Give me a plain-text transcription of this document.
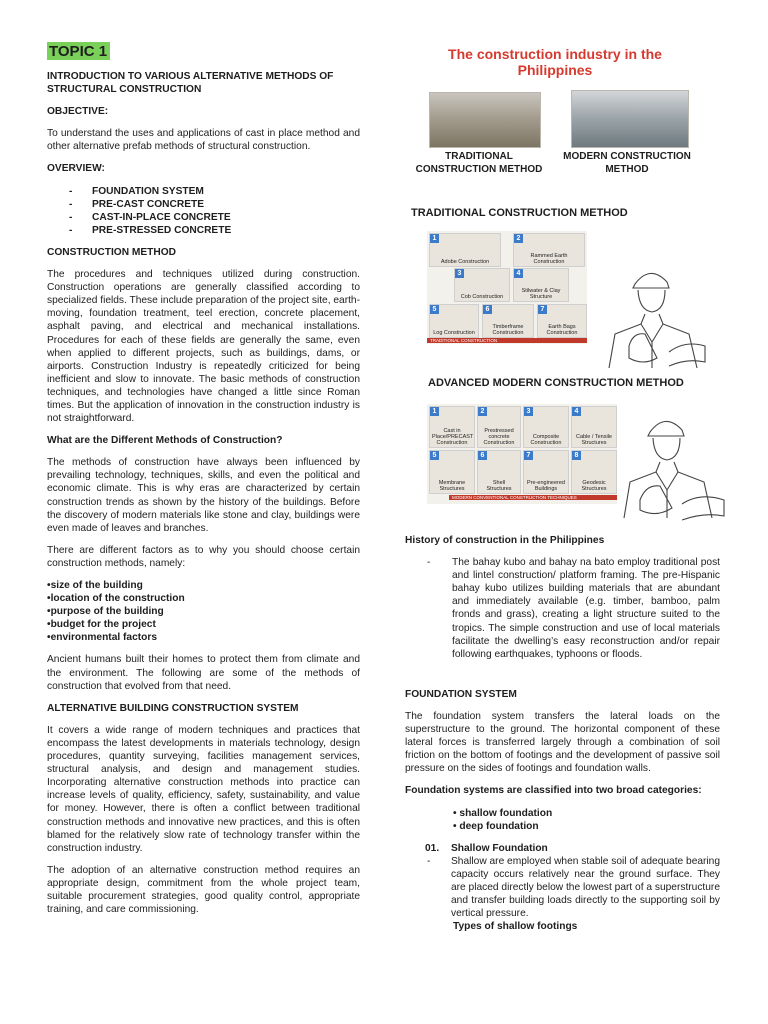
TOPIC 1
INTRODUCTION TO VARIOUS ALTERNATIVE METHODS OF STRUCTURAL CONSTRUCTION
OBJECTIVE:

To understand the uses and applications of cast in place method and other alternative prefab methods of structural construction.

OVERVIEW:
- FOUNDATION SYSTEM
- PRE-CAST CONCRETE
- CAST-IN-PLACE CONCRETE
- PRE-STRESSED CONCRETE
CONSTRUCTION METHOD

The procedures and techniques utilized during construction. Construction operations are generally classified according to specialized fields. These include preparation of the project site, earth-moving, foundation treatment, teel erection, concrete placement, asphalt paving, and electrical and mechanical installations. Procedures for each of these fields are generally the same, even when applied to different projects, such as buildings, dams, or airports. Construction Industry is repeatedly criticized for being inefficient and slow to innovate. The basic methods of construction techniques, and technologies have changed a little since Roman times. But the application of innovation in the construction industry is not straightforward.

What are the Different Methods of Construction?

The methods of construction have always been influenced by prevailing technology, techniques, skills, and even the political and economic climate. This is why eras are characterized by certain construction trends as shown by the history of the buildings. Before the discovery of modern materials like stone and clay, buildings were even made of leaves and branches.

There are different factors as to why you should choose certain construction methods, namely:

•size of the building
•location of the construction
•purpose of the building
•budget for the project
•environmental factors

Ancient humans built their homes to protect them from climate and the environment. The following are some of the methods of construction that evolved from that need.

ALTERNATIVE BUILDING CONSTRUCTION SYSTEM

It covers a wide range of modern techniques and practices that encompass the latest developments in materials technology, design procedures, quantity surveying, facilities management services, structural analysis, and design and management studies. Incorporating alternative construction methods into practice can increase levels of quality, efficiency, safety, sustainability, and value for money. However, there is often a conflict between traditional construction methods and innovative new practices, and this is often blamed for the relatively slow rate of technology transfer within the construction industry.

The adoption of an alternative construction method requires an appropriate design, commitment from the whole project team, suitable procurement strategies, good quality control, appropriate training, and care commissioning.

The construction industry in the Philippines
TRADITIONAL CONSTRUCTION METHOD
MODERN CONSTRUCTION METHOD
TRADITIONAL CONSTRUCTION METHOD
1
Adobe Construction
2
Rammed Earth Construction
3
Cob Construction
4
Stilwater & Clay Structure
5
Log Construction
6
Timberframe Construction
7
Earth Bags Construction
TRADITIONAL CONSTRUCTION
ADVANCED MODERN CONSTRUCTION METHOD
1
Cast in Place/PRECAST Construction
2
Prestressed concrete Construction
3
Composite Construction
4
Cable / Tensile Structures
5
Membrane Structures
6
Shell Structures
7
Pre-engineered Buildings
8
Geodesic Structures
MODERN CONVENTIONAL CONSTRUCTION TECHNIQUES
History of construction in the Philippines
- The bahay kubo and bahay na bato employ traditional post and lintel construction/ platform framing. The pre-Hispanic bahay kubo utilizes building materials that are abundant and immediately available (e.g. timber, bamboo, palm fronds and grass), creating a light structure suited to the tropics. The simple construction and use of local materials facilitate the dwelling’s easy reconstruction and/or repair following earthquakes, typhoons or floods.
FOUNDATION SYSTEM

The foundation system transfers the lateral loads on the superstructure to the ground. The horizontal component of these lateral forces is transferred largely through a combination of soil friction on the bottom of footings and the development of passive soil pressure on the sides of footings and foundation walls.

Foundation systems are classified into two broad categories:

• shallow foundation
• deep foundation
01. Shallow Foundation
- Shallow are employed when stable soil of adequate bearing capacity occurs relatively near the ground surface. They are placed directly below the lowest part of a superstructure and transfer building loads directly to the supporting soil by vertical pressure.
Types of shallow footings
